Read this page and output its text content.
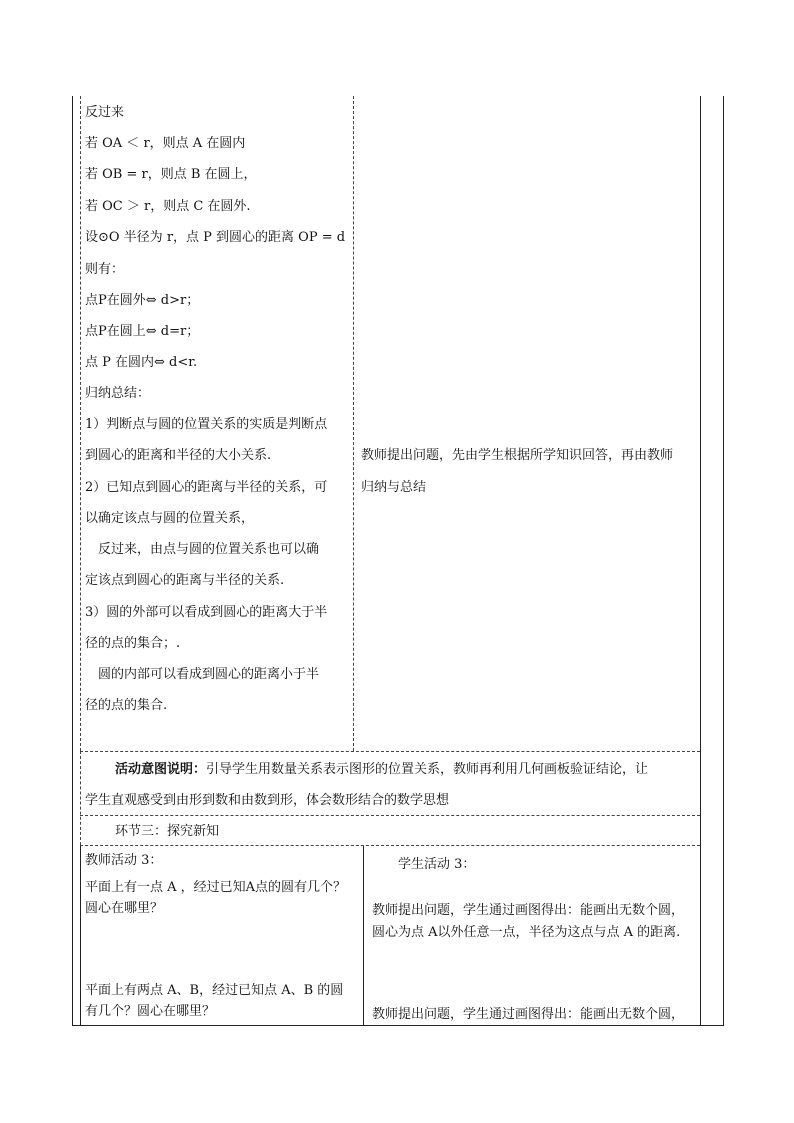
反过来
若 OA ＜ r，则点 A 在圆内
若 OB = r，则点 B 在圆上，
若 OC ＞ r，则点 C 在圆外.
设⊙O 半径为 r，点 P 到圆心的距离 OP = d
则有：
点P在圆外⇔ d>r；
点P在圆上⇔ d=r；
点 P 在圆内⇔ d<r.
归纳总结：
1）判断点与圆的位置关系的实质是判断点
到圆心的距离和半径的大小关系.
2）已知点到圆心的距离与半径的关系，可
以确定该点与圆的位置关系，
　反过来，由点与圆的位置关系也可以确
定该点到圆心的距离与半径的关系.
3）圆的外部可以看成到圆心的距离大于半
径的点的集合；.
　圆的内部可以看成到圆心的距离小于半
径的点的集合.
教师提出问题，先由学生根据所学知识回答，再由教师
归纳与总结
活动意图说明：引导学生用数量关系表示图形的位置关系，教师再利用几何画板验证结论，让
学生直观感受到由形到数和由数到形，体会数形结合的数学思想
环节三：探究新知
教师活动 3：
平面上有一点 A ，经过已知A点的圆有几个？
圆心在哪里？
平面上有两点 A、B，经过已知点 A、B 的圆
有几个？圆心在哪里？
学生活动 3：
教师提出问题，学生通过画图得出：能画出无数个圆，
圆心为点 A以外任意一点，半径为这点与点 A 的距离.
教师提出问题，学生通过画图得出：能画出无数个圆，
